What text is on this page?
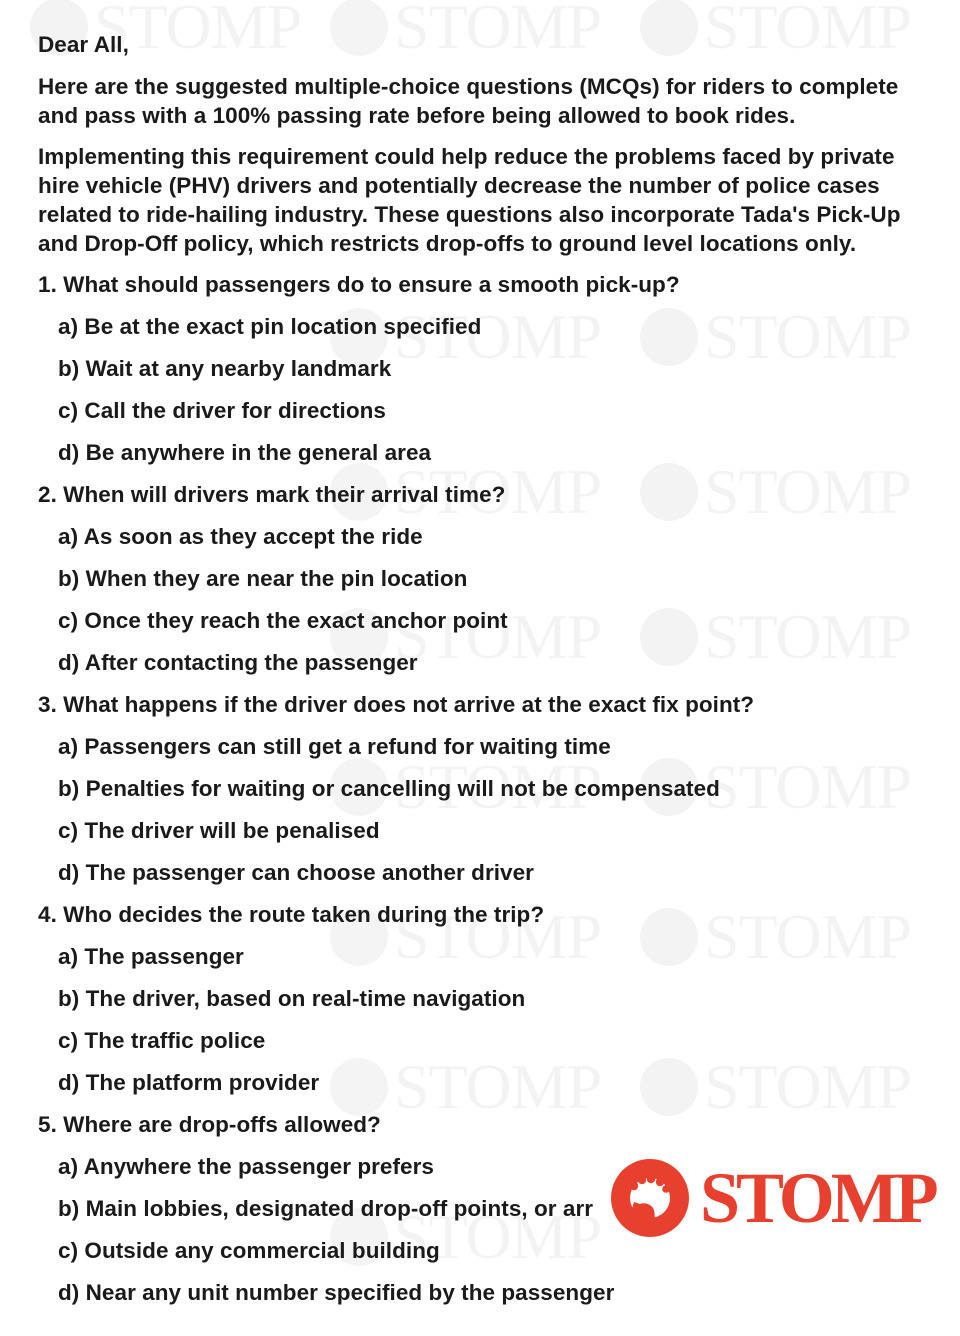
Dear All,

Here are the suggested multiple-choice questions (MCQs) for riders to complete and pass with a 100% passing rate before being allowed to book rides.

Implementing this requirement could help reduce the problems faced by private hire vehicle (PHV) drivers and potentially decrease the number of police cases related to ride-hailing industry. These questions also incorporate Tada's Pick-Up and Drop-Off policy, which restricts drop-offs to ground level locations only.

1. What should passengers do to ensure a smooth pick-up?

a) Be at the exact pin location specified

b) Wait at any nearby landmark

c) Call the driver for directions

d) Be anywhere in the general area

2. When will drivers mark their arrival time?

a) As soon as they accept the ride

b) When they are near the pin location

c) Once they reach the exact anchor point

d) After contacting the passenger

3. What happens if the driver does not arrive at the exact fix point?

a) Passengers can still get a refund for waiting time

b) Penalties for waiting or cancelling will not be compensated

c) The driver will be penalised

d) The passenger can choose another driver

4. Who decides the route taken during the trip?

a) The passenger

b) The driver, based on real-time navigation

c) The traffic police

d) The platform provider

5. Where are drop-offs allowed?

a) Anywhere the passenger prefers

b) Main lobbies, designated drop-off points, or arr

c) Outside any commercial building

d) Near any unit number specified by the passenger

STOMP
